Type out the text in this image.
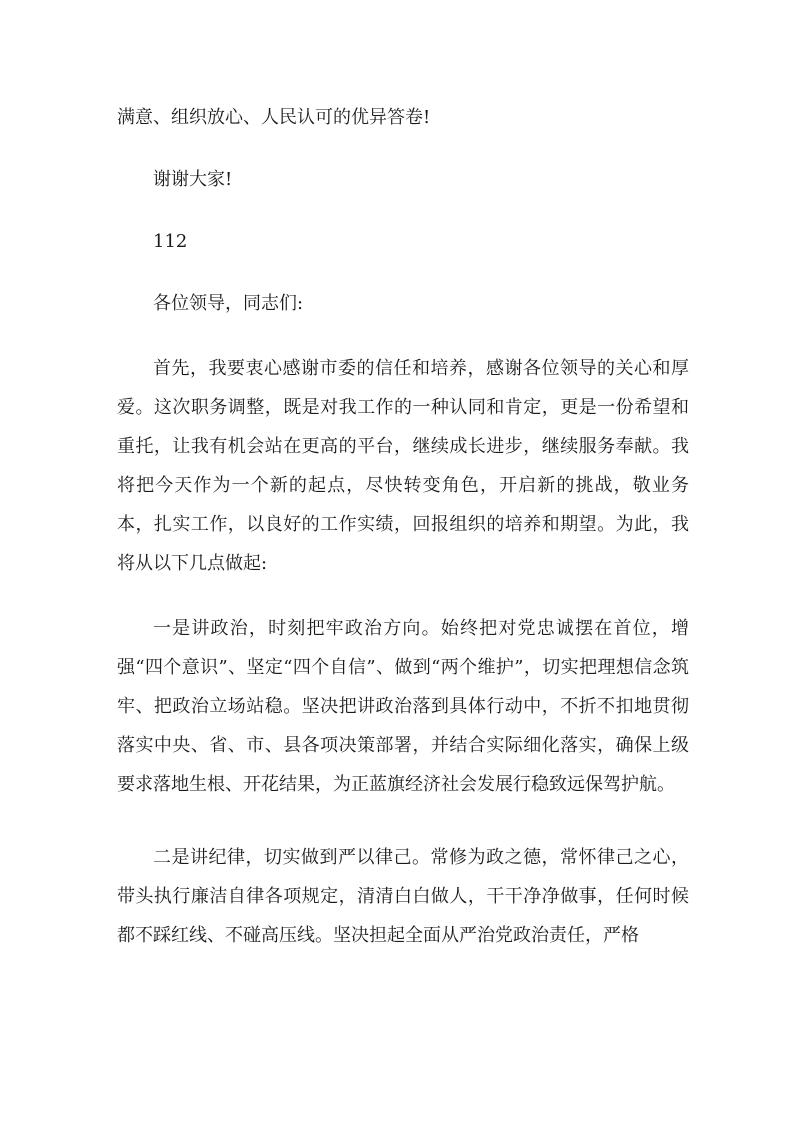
满意、组织放心、人民认可的优异答卷!

谢谢大家!

112

各位领导，同志们:

首先，我要衷心感谢市委的信任和培养，感谢各位领导的关心和厚爱。这次职务调整，既是对我工作的一种认同和肯定，更是一份希望和重托，让我有机会站在更高的平台，继续成长进步，继续服务奉献。我将把今天作为一个新的起点，尽快转变角色，开启新的挑战，敬业务本，扎实工作，以良好的工作实绩，回报组织的培养和期望。为此，我将从以下几点做起:

一是讲政治，时刻把牢政治方向。始终把对党忠诚摆在首位，增强“四个意识”、坚定“四个自信”、做到“两个维护”，切实把理想信念筑牢、把政治立场站稳。坚决把讲政治落到具体行动中，不折不扣地贯彻落实中央、省、市、县各项决策部署，并结合实际细化落实，确保上级要求落地生根、开花结果，为正蓝旗经济社会发展行稳致远保驾护航。

二是讲纪律，切实做到严以律己。常修为政之德，常怀律己之心，带头执行廉洁自律各项规定，清清白白做人，干干净净做事，任何时候都不踩红线、不碰高压线。坚决担起全面从严治党政治责任，严格
